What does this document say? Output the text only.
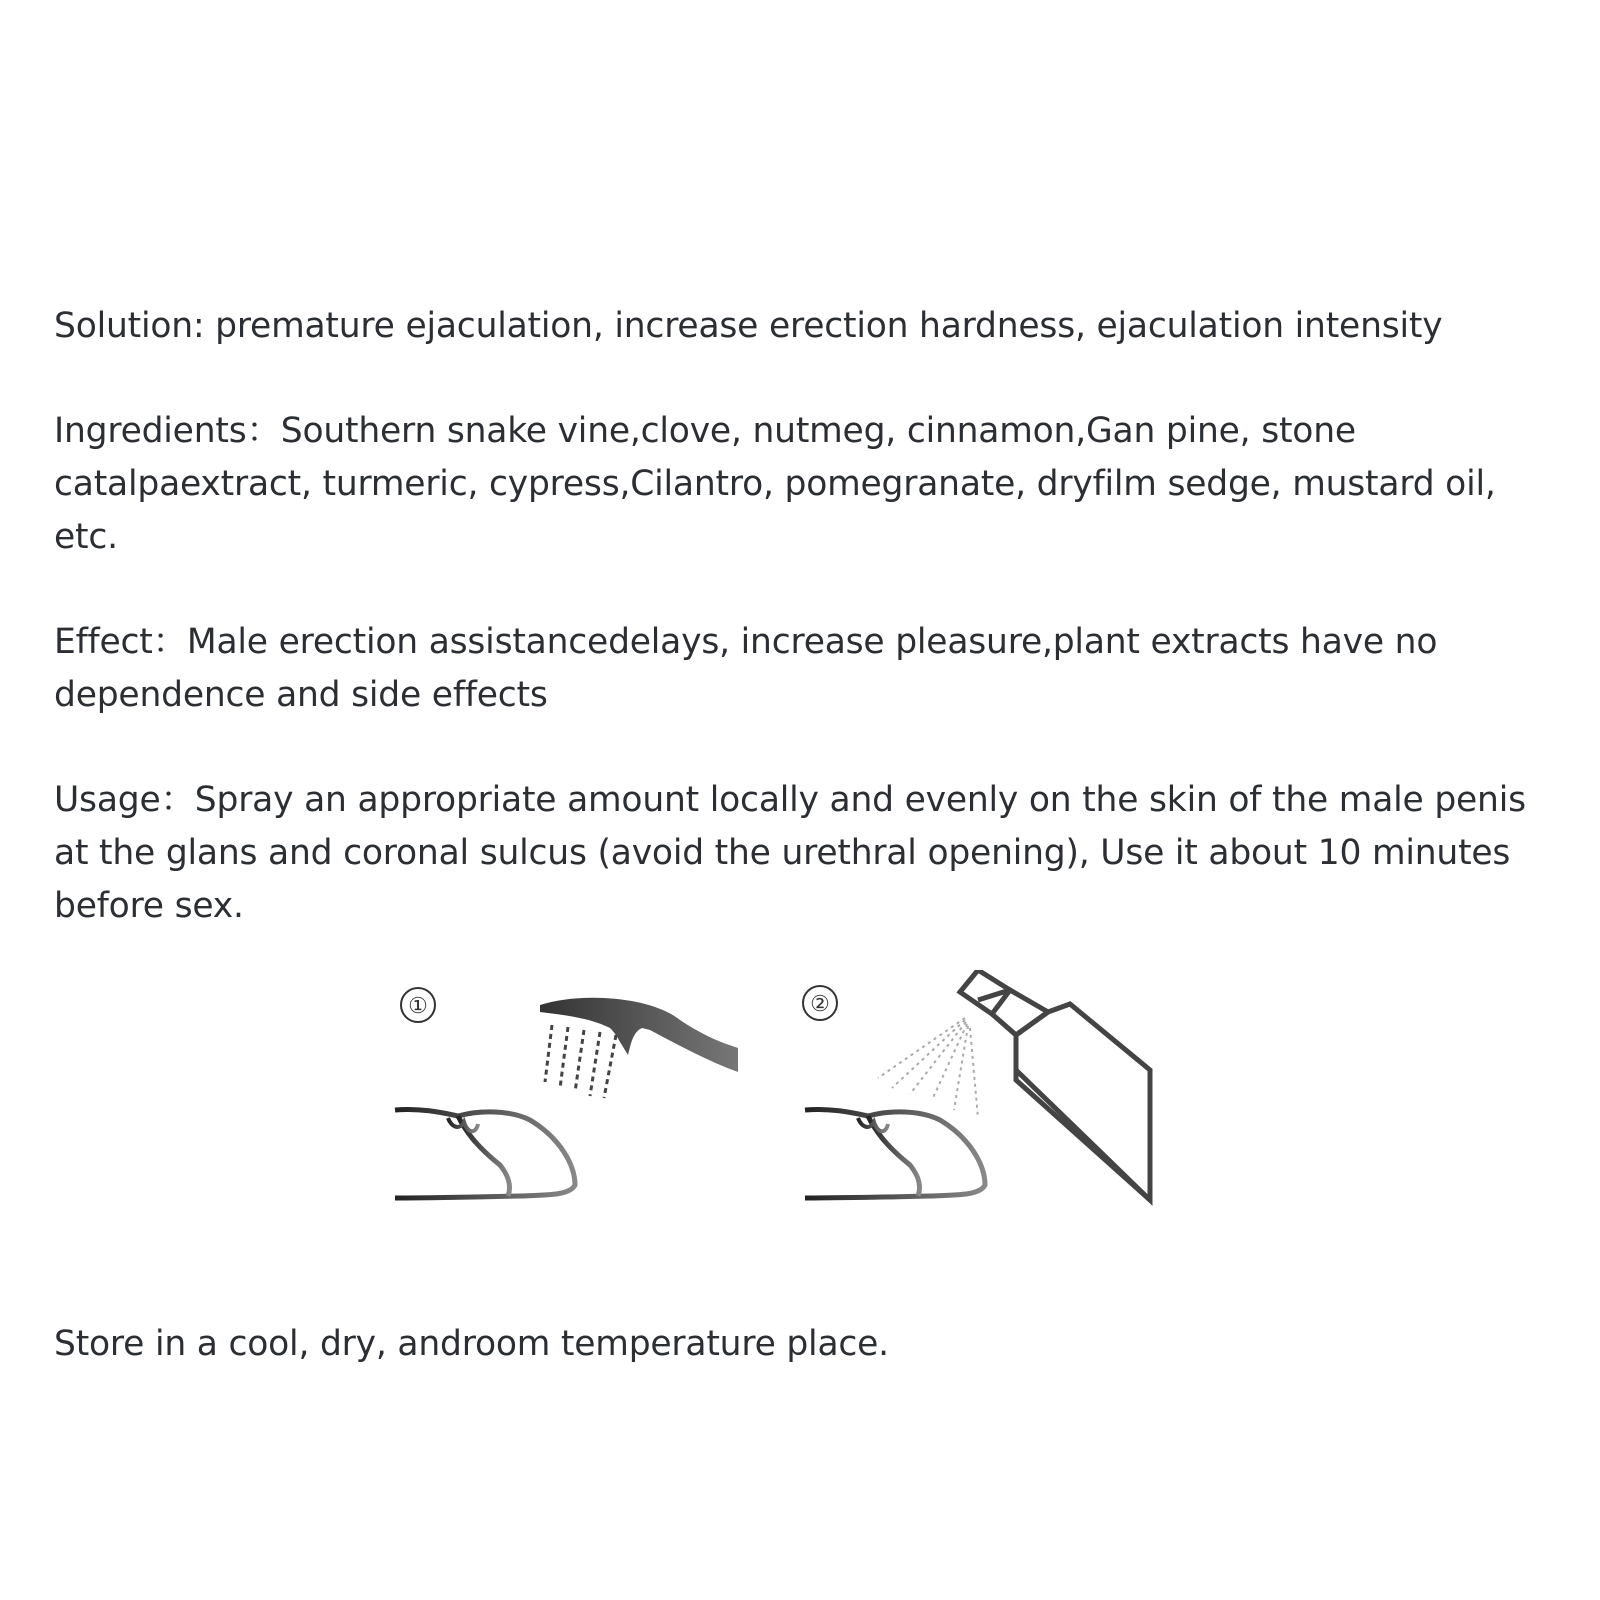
Solution: premature ejaculation, increase erection hardness, ejaculation intensity

Ingredients：Southern snake vine,clove, nutmeg, cinnamon,Gan pine, stone catalpaextract, turmeric, cypress,Cilantro, pomegranate, dryfilm sedge, mustard oil, etc.

Effect：Male erection assistancedelays, increase pleasure,plant extracts have no dependence and side effects

Usage：Spray an appropriate amount locally and evenly on the skin of the male penis at the glans and coronal sulcus (avoid the urethral opening), Use it about 10 minutes before sex.

①	②

Store in a cool, dry, androom temperature place.
